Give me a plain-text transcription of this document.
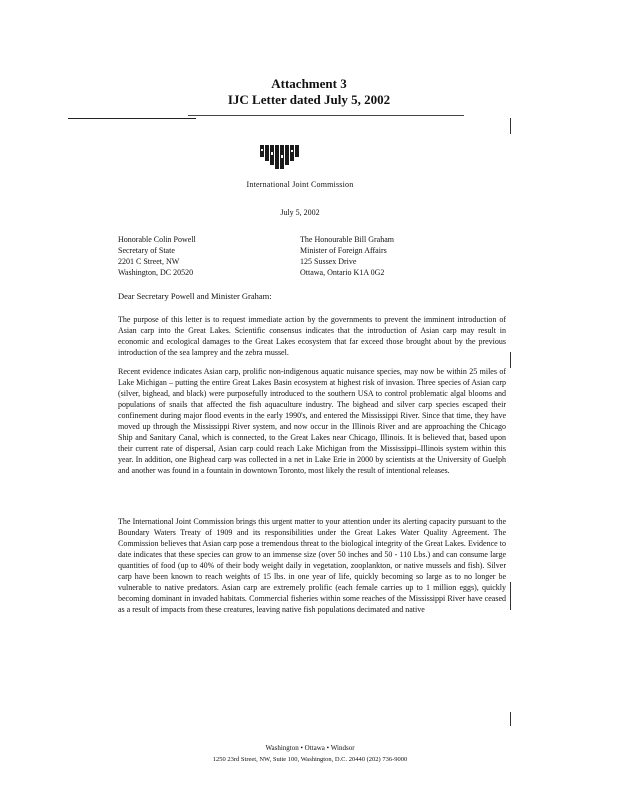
Attachment 3
IJC Letter dated July 5, 2002
International Joint Commission
July 5, 2002
Honorable Colin Powell
Secretary of State
2201 C Street, NW
Washington, DC 20520
The Honourable Bill Graham
Minister of Foreign Affairs
125 Sussex Drive
Ottawa, Ontario K1A 0G2
Dear Secretary Powell and Minister Graham:

The purpose of this letter is to request immediate action by the governments to prevent the imminent introduction of Asian carp into the Great Lakes. Scientific consensus indicates that the introduction of Asian carp may result in economic and ecological damages to the Great Lakes ecosystem that far exceed those brought about by the previous introduction of the sea lamprey and the zebra mussel.

Recent evidence indicates Asian carp, prolific non-indigenous aquatic nuisance species, may now be within 25 miles of Lake Michigan – putting the entire Great Lakes Basin ecosystem at highest risk of invasion. Three species of Asian carp (silver, bighead, and black) were purposefully introduced to the southern USA to control problematic algal blooms and populations of snails that affected the fish aquaculture industry. The bighead and silver carp species escaped their confinement during major flood events in the early 1990's, and entered the Mississippi River. Since that time, they have moved up through the Mississippi River system, and now occur in the Illinois River and are approaching the Chicago Ship and Sanitary Canal, which is connected, to the Great Lakes near Chicago, Illinois. It is believed that, based upon their current rate of dispersal, Asian carp could reach Lake Michigan from the Mississippi–Illinois system within this year. In addition, one Bighead carp was collected in a net in Lake Erie in 2000 by scientists at the University of Guelph and another was found in a fountain in downtown Toronto, most likely the result of intentional releases.

The International Joint Commission brings this urgent matter to your attention under its alerting capacity pursuant to the Boundary Waters Treaty of 1909 and its responsibilities under the Great Lakes Water Quality Agreement. The Commission believes that Asian carp pose a tremendous threat to the biological integrity of the Great Lakes. Evidence to date indicates that these species can grow to an immense size (over 50 inches and 50 - 110 Lbs.) and can consume large quantities of food (up to 40% of their body weight daily in vegetation, zooplankton, or native mussels and fish). Silver carp have been known to reach weights of 15 lbs. in one year of life, quickly becoming so large as to no longer be vulnerable to native predators. Asian carp are extremely prolific (each female carries up to 1 million eggs), quickly becoming dominant in invaded habitats. Commercial fisheries within some reaches of the Mississippi River have ceased as a result of impacts from these creatures, leaving native fish populations decimated and native

Washington • Ottawa • Windsor
1250 23rd Street, NW, Suite 100, Washington, D.C. 20440 (202) 736-9000
